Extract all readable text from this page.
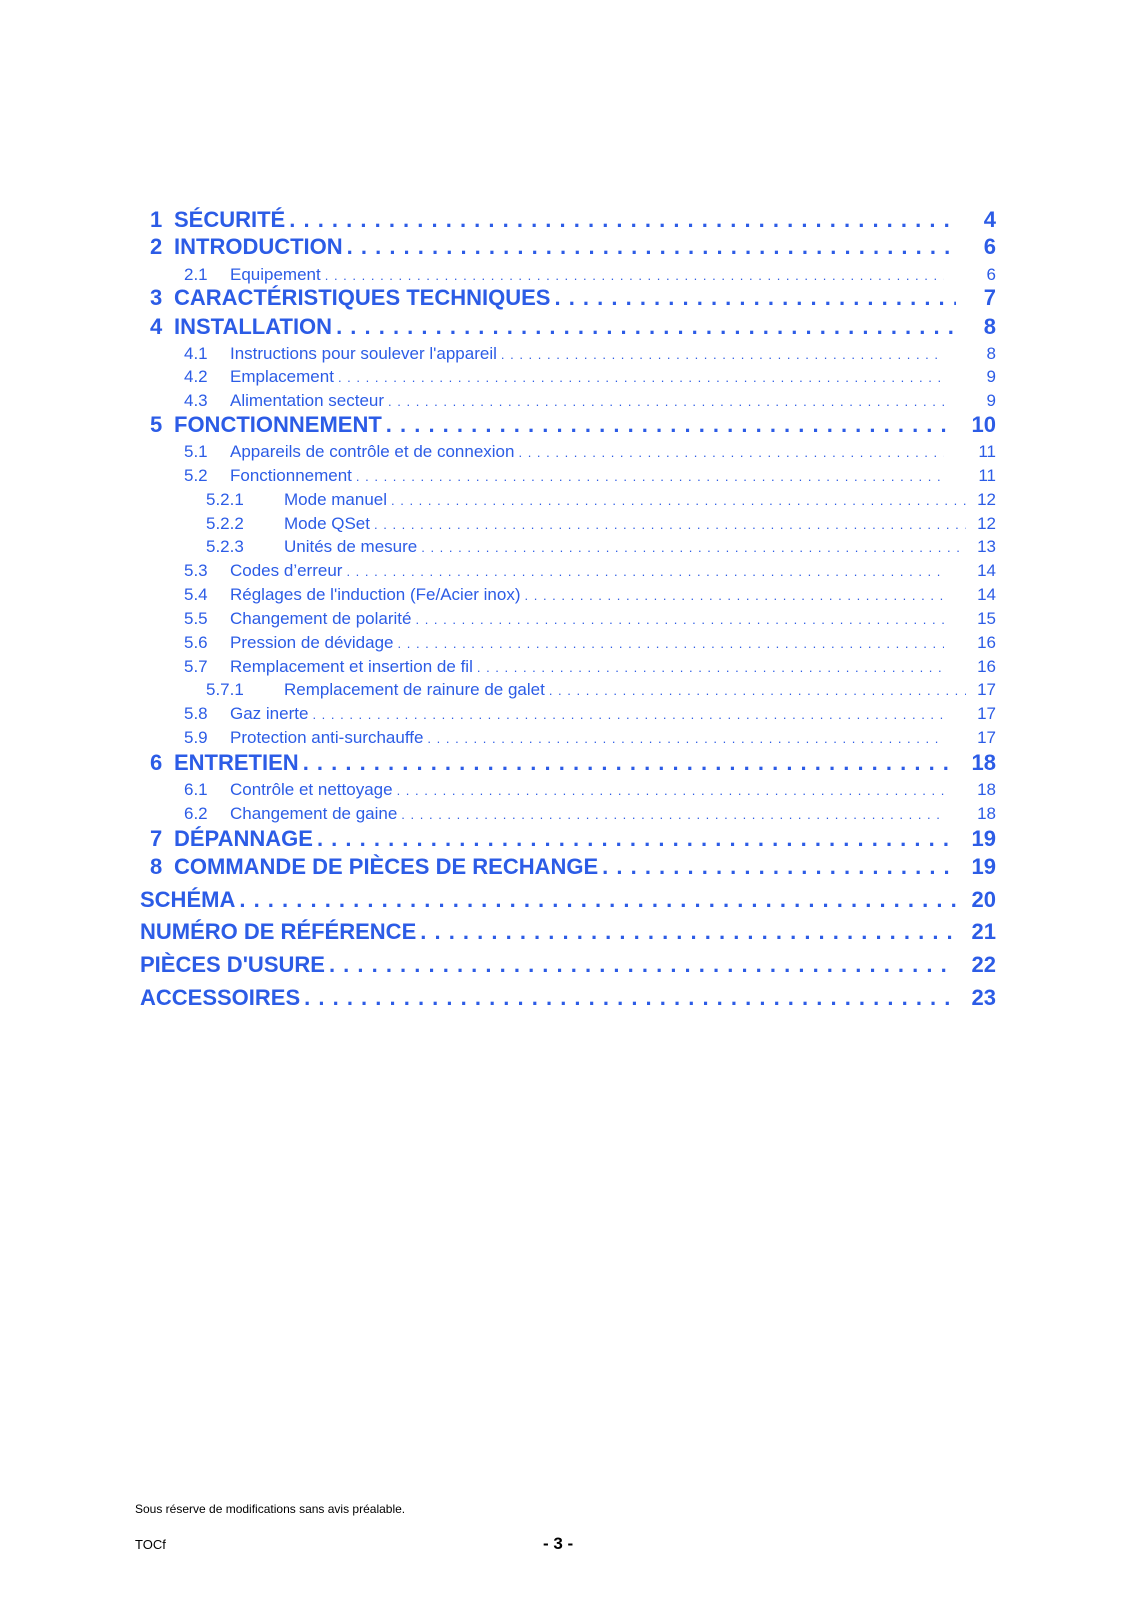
1 SÉCURITÉ . . .	4
2 INTRODUCTION . . .	6
2.1	Equipement . . .	6
3 CARACTÉRISTIQUES TECHNIQUES . . .	7
4 INSTALLATION . . .	8
4.1	Instructions pour soulever l'appareil . . .	8
4.2	Emplacement . . .	9
4.3	Alimentation secteur . . .	9
5 FONCTIONNEMENT . . .	10
5.1	Appareils de contrôle et de connexion . . .	11
5.2	Fonctionnement . . .	11
5.2.1	Mode manuel . . .	12
5.2.2	Mode QSet . . .	12
5.2.3	Unités de mesure . . .	13
5.3	Codes d’erreur . . .	14
5.4	Réglages de l'induction (Fe/Acier inox) . . .	14
5.5	Changement de polarité . . .	15
5.6	Pression de dévidage . . .	16
5.7	Remplacement et insertion de fil . . .	16
5.7.1	Remplacement de rainure de galet . . .	17
5.8	Gaz inerte . . .	17
5.9	Protection anti-surchauffe . . .	17
6 ENTRETIEN . . .	18
6.1	Contrôle et nettoyage . . .	18
6.2	Changement de gaine . . .	18
7 DÉPANNAGE . . .	19
8 COMMANDE DE PIÈCES DE RECHANGE . . .	19
SCHÉMA . . .	20
NUMÉRO DE RÉFÉRENCE . . .	21
PIÈCES D'USURE . . .	22
ACCESSOIRES . . .	23
Sous réserve de modifications sans avis préalable.
TOCf	- 3 -
